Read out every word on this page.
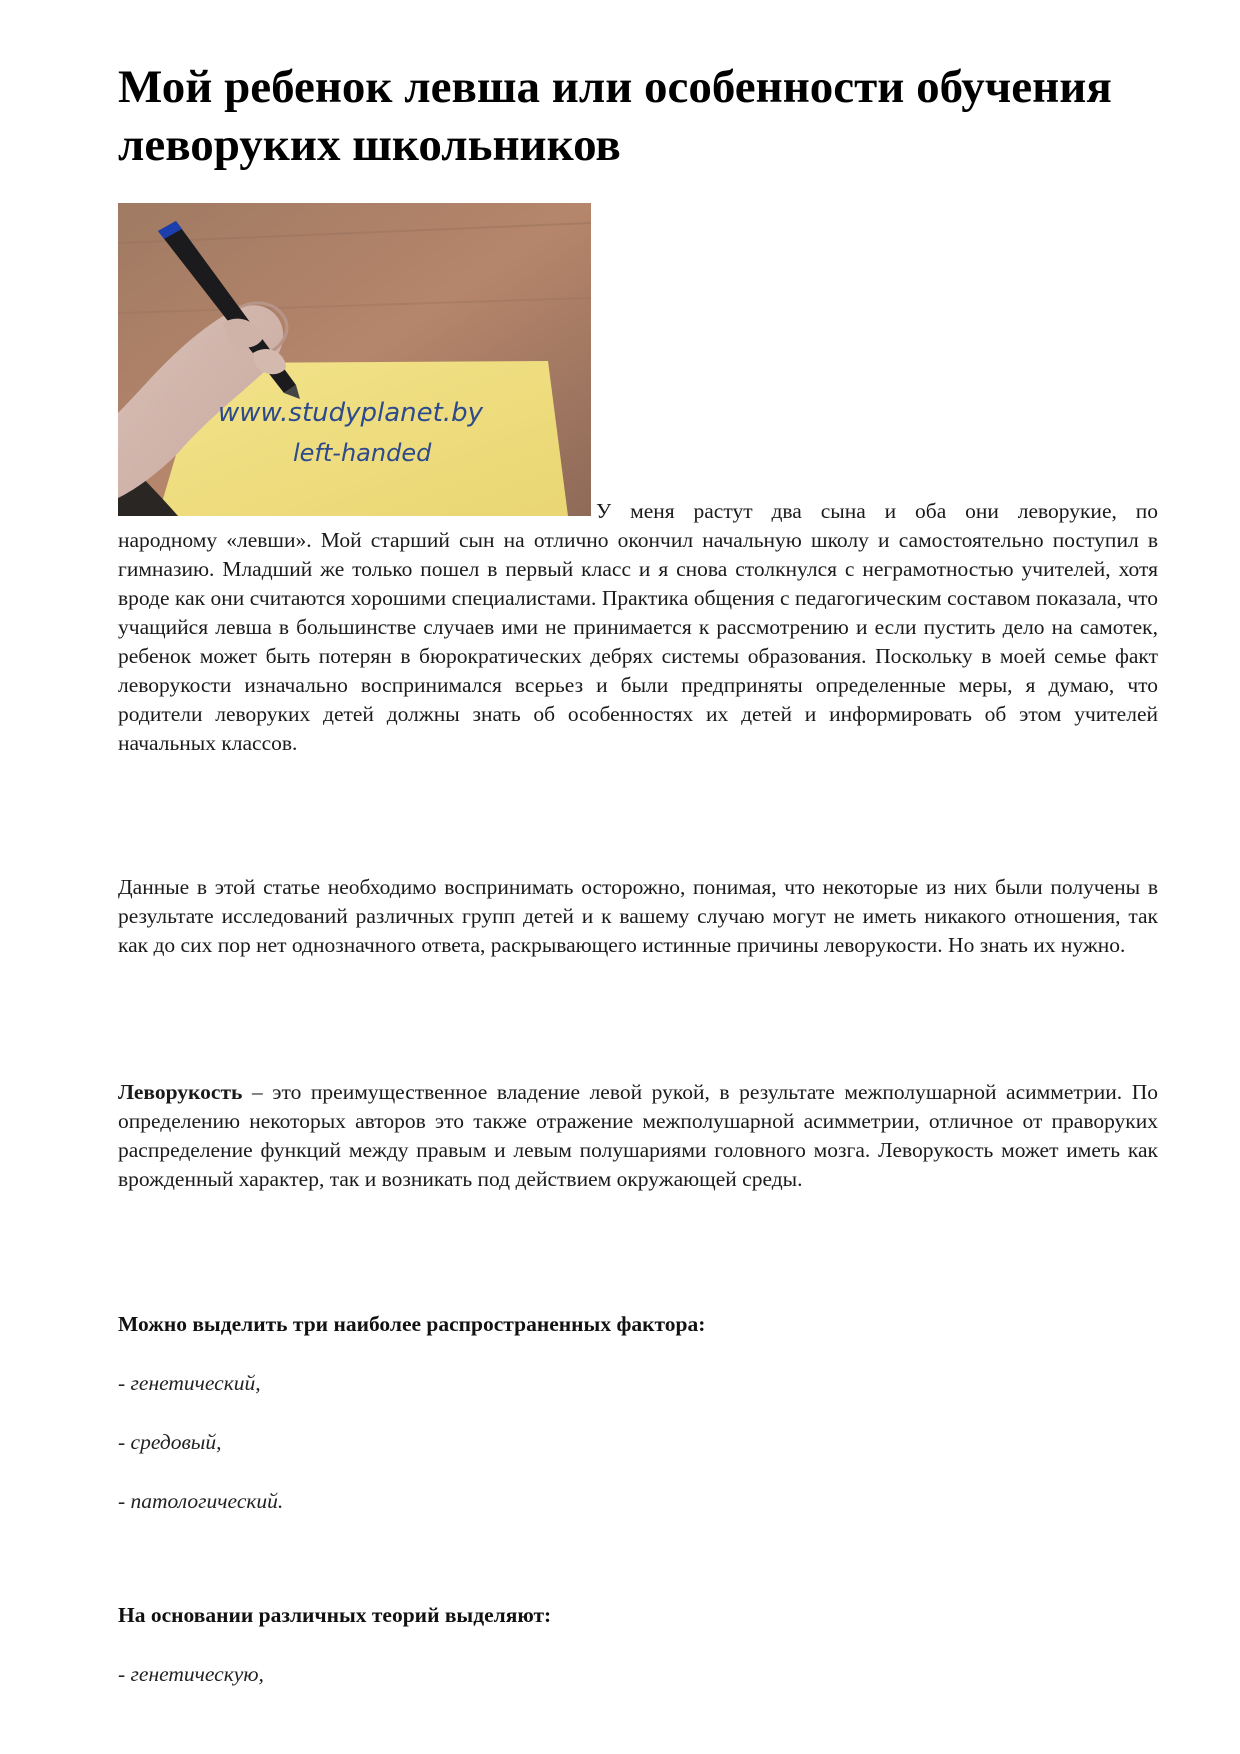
Мой ребенок левша или особенности обучения леворуких школьников
www.studyplanet.by
left-handed
У меня растут два сына и оба они леворукие, по

народному «левши». Мой старший сын на отлично окончил начальную школу и самостоятельно поступил в гимназию. Младший же только пошел в первый класс и я снова столкнулся с неграмотностью учителей, хотя вроде как они считаются хорошими специалистами. Практика общения с педагогическим составом показала, что учащийся левша в большинстве случаев ими не принимается к рассмотрению и если пустить дело на самотек, ребенок может быть потерян в бюрократических дебрях системы образования. Поскольку в моей семье факт леворукости изначально воспринимался всерьез и были предприняты определенные меры, я думаю, что родители леворуких детей должны знать об особенностях их детей и информировать об этом учителей начальных классов.

Данные в этой статье необходимо воспринимать осторожно, понимая, что некоторые из них были получены в результате исследований различных групп детей и к вашему случаю могут не иметь никакого отношения, так как до сих пор нет однозначного ответа, раскрывающего истинные причины леворукости. Но знать их нужно.

Леворукость – это преимущественное владение левой рукой, в результате межполушарной асимметрии. По определению некоторых авторов это также отражение межполушарной асимметрии, отличное от праворуких распределение функций между правым и левым полушариями головного мозга. Леворукость может иметь как врожденный характер, так и возникать под действием окружающей среды.

Можно выделить три наиболее распространенных фактора:
- генетический,
- средовый,
- патологический.
На основании различных теорий выделяют:
- генетическую,
